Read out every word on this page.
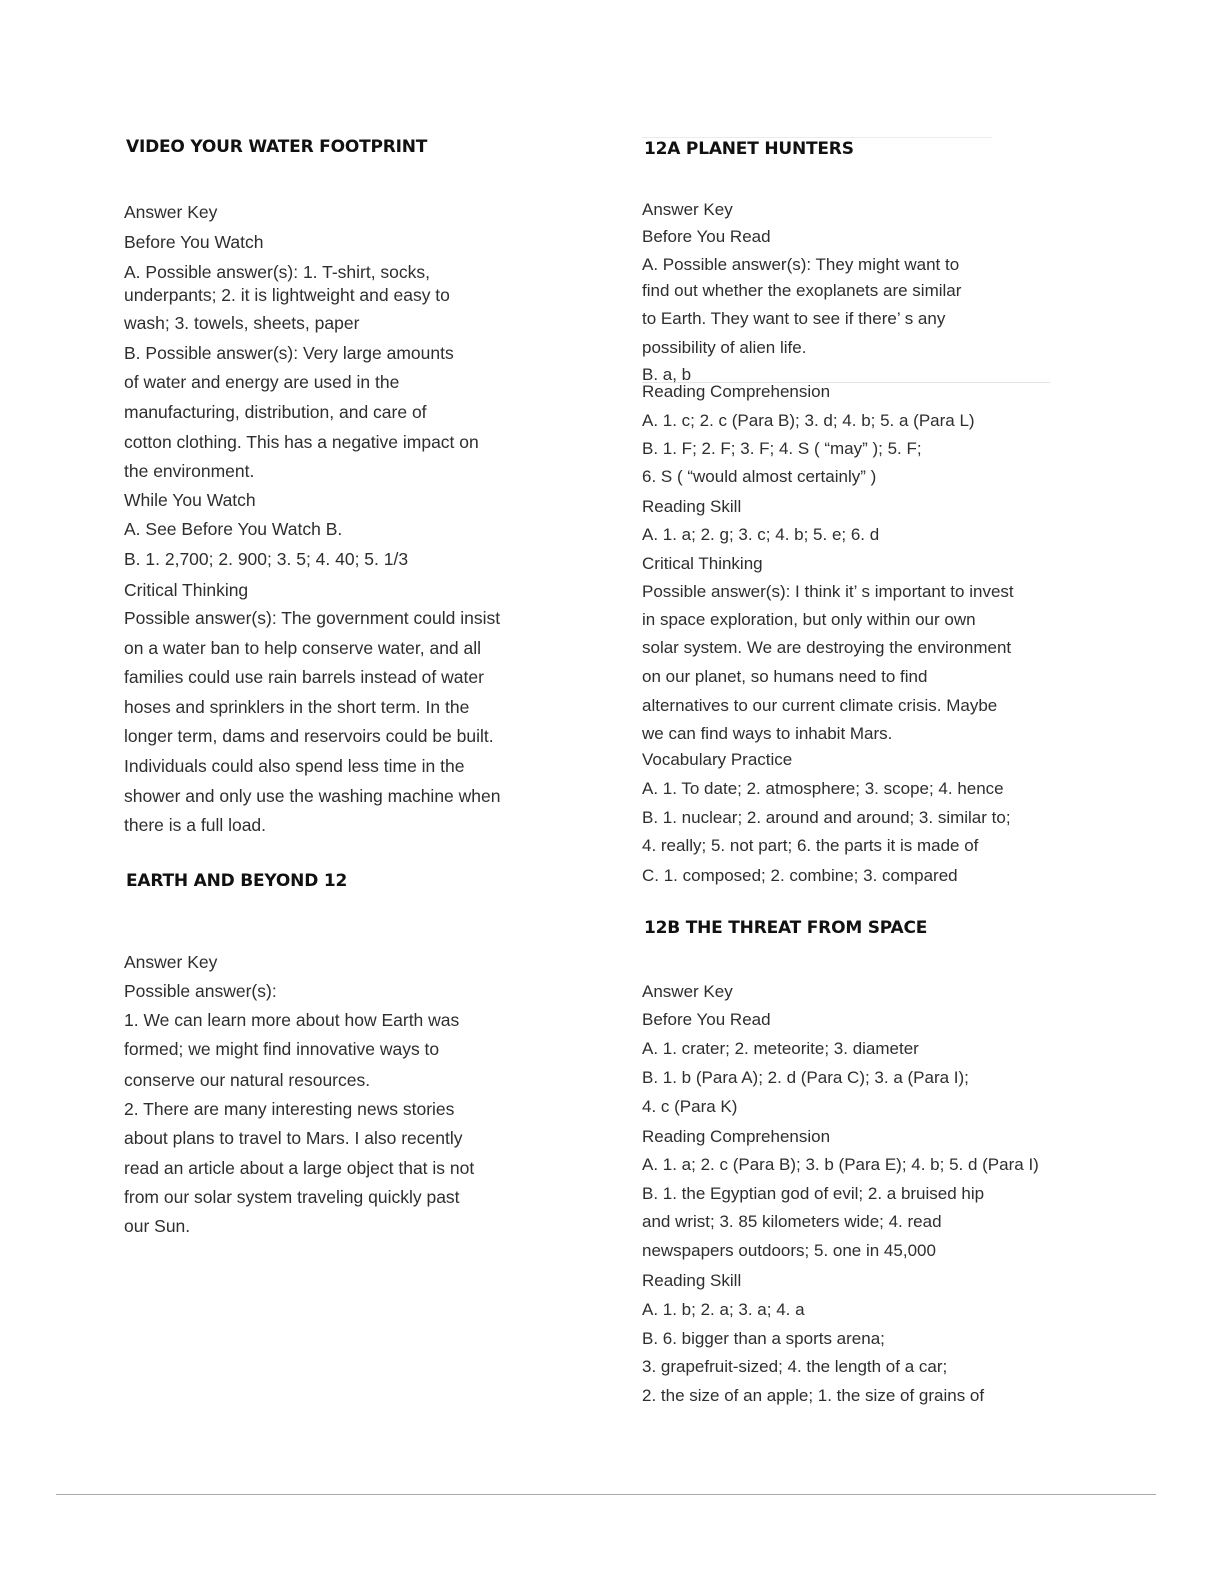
VIDEO YOUR WATER FOOTPRINT
Answer Key
Before You Watch
A. Possible answer(s): 1. T-shirt, socks,
underpants; 2. it is lightweight and easy to
wash; 3. towels, sheets, paper
B. Possible answer(s): Very large amounts
of water and energy are used in the
manufacturing, distribution, and care of
cotton clothing. This has a negative impact on
the environment.
While You Watch
A. See Before You Watch B.
B. 1. 2,700; 2. 900; 3. 5; 4. 40; 5. 1/3
Critical Thinking
Possible answer(s): The government could insist
on a water ban to help conserve water, and all
families could use rain barrels instead of water
hoses and sprinklers in the short term. In the
longer term, dams and reservoirs could be built.
Individuals could also spend less time in the
shower and only use the washing machine when
there is a full load.
EARTH AND BEYOND 12
Answer Key
Possible answer(s):
1. We can learn more about how Earth was
formed; we might find innovative ways to
conserve our natural resources.
2. There are many interesting news stories
about plans to travel to Mars. I also recently
read an article about a large object that is not
from our solar system traveling quickly past
our Sun.
12A PLANET HUNTERS
Answer Key
Before You Read
A. Possible answer(s): They might want to
find out whether the exoplanets are similar
to Earth. They want to see if there’ s any
possibility of alien life.
B. a, b
Reading Comprehension
A. 1. c; 2. c (Para B); 3. d; 4. b; 5. a (Para L)
B. 1. F; 2. F; 3. F; 4. S ( “may” ); 5. F;
6. S ( “would almost certainly” )
Reading Skill
A. 1. a; 2. g; 3. c; 4. b; 5. e; 6. d
Critical Thinking
Possible answer(s): I think it’ s important to invest
in space exploration, but only within our own
solar system. We are destroying the environment
on our planet, so humans need to find
alternatives to our current climate crisis. Maybe
we can find ways to inhabit Mars.
Vocabulary Practice
A. 1. To date; 2. atmosphere; 3. scope; 4. hence
B. 1. nuclear; 2. around and around; 3. similar to;
4. really; 5. not part; 6. the parts it is made of
C. 1. composed; 2. combine; 3. compared
12B THE THREAT FROM SPACE
Answer Key
Before You Read
A. 1. crater; 2. meteorite; 3. diameter
B. 1. b (Para A); 2. d (Para C); 3. a (Para I);
4. c (Para K)
Reading Comprehension
A. 1. a; 2. c (Para B); 3. b (Para E); 4. b; 5. d (Para I)
B. 1. the Egyptian god of evil; 2. a bruised hip
and wrist; 3. 85 kilometers wide; 4. read
newspapers outdoors; 5. one in 45,000
Reading Skill
A. 1. b; 2. a; 3. a; 4. a
B. 6. bigger than a sports arena;
3. grapefruit-sized; 4. the length of a car;
2. the size of an apple; 1. the size of grains of
